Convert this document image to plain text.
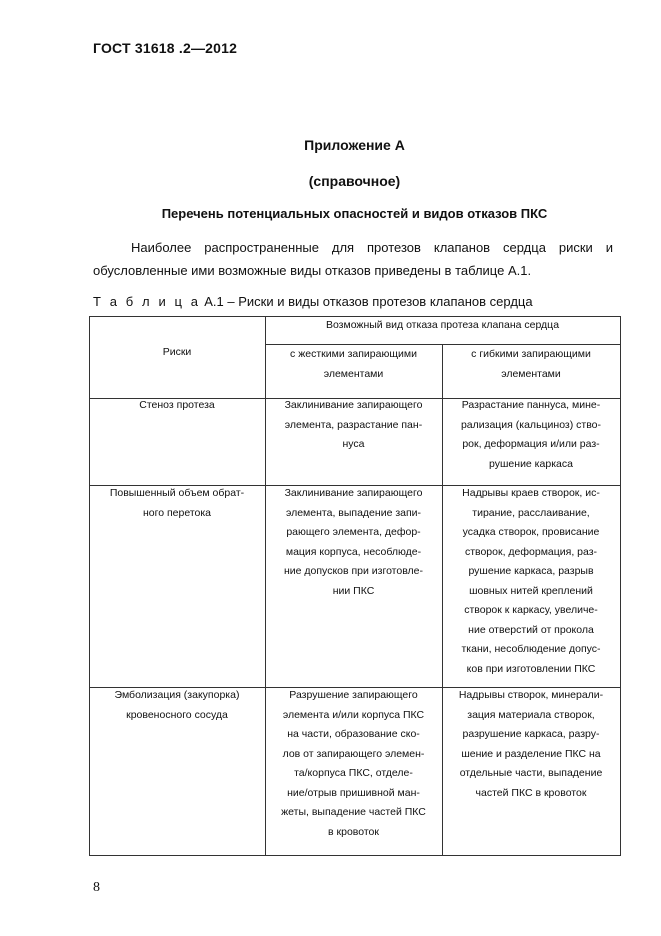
ГОСТ 31618 .2—2012
Приложение А
(справочное)
Перечень потенциальных опасностей и видов отказов ПКС
Наиболее распространенные для протезов клапанов сердца риски и обусловленные ими возможные виды отказов приведены в таблице А.1.
Т а б л и ц а А.1 – Риски и виды отказов протезов клапанов сердца
Риски
Возможный вид отказа протеза клапана сердца
с жесткими запирающими
элементами
с гибкими запирающими
элементами
Стеноз протеза	Заклинивание запирающего
элемента, разрастание пан-
нуса
Разрастание паннуса, мине-
рализация (кальциноз) ство-
рок, деформация и/или раз-
рушение каркаса
Повышенный объем обрат-
ного перетока
Заклинивание запирающего
элемента, выпадение запи-
рающего элемента, дефор-
мация корпуса, несоблюде-
ние допусков при изготовле-
нии ПКС
Надрывы краев створок, ис-
тирание, расслаивание,
усадка створок, провисание
створок, деформация, раз-
рушение каркаса, разрыв
шовных нитей креплений
створок к каркасу, увеличе-
ние отверстий от прокола
ткани, несоблюдение допус-
ков при изготовлении ПКС
Эмболизация (закупорка)
кровеносного сосуда
Разрушение запирающего
элемента и/или корпуса ПКС
на части, образование ско-
лов от запирающего элемен-
та/корпуса ПКС, отделе-
ние/отрыв пришивной ман-
жеты, выпадение частей ПКС
в кровоток
Надрывы створок, минерали-
зация материала створок,
разрушение каркаса, разру-
шение и разделение ПКС на
отдельные части, выпадение
частей ПКС в кровоток
8
